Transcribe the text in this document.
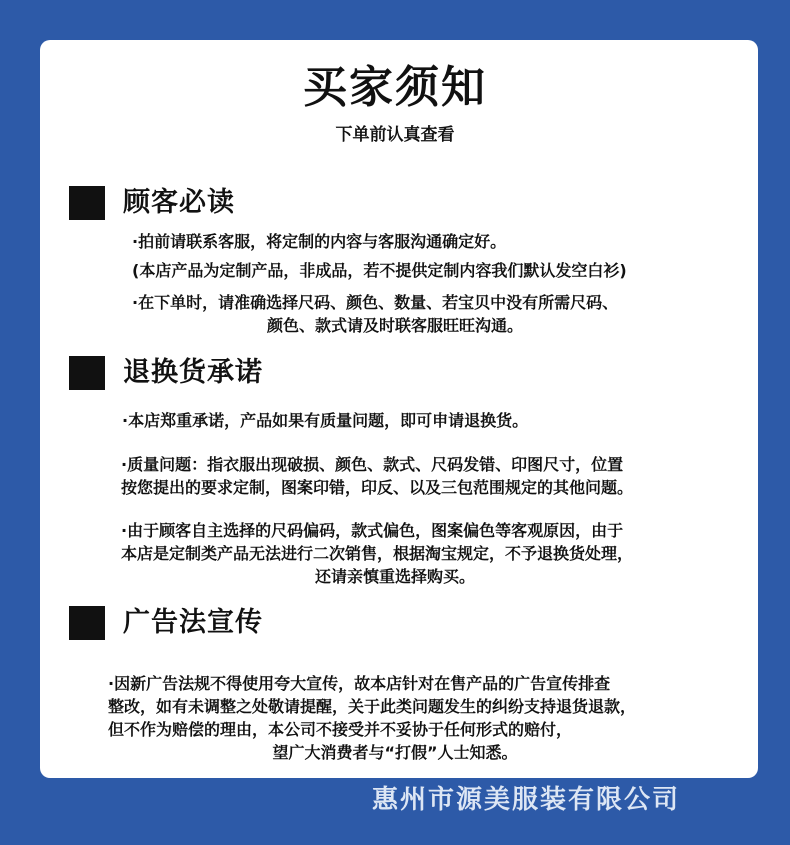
买家须知
下单前认真查看
顾客必读
·拍前请联系客服，将定制的内容与客服沟通确定好。
(本店产品为定制产品，非成品，若不提供定制内容我们默认发空白衫)
·在下单时，请准确选择尺码、颜色、数量、若宝贝中没有所需尺码、
颜色、款式请及时联客服旺旺沟通。
退换货承诺
·本店郑重承诺，产品如果有质量问题，即可申请退换货。
·质量问题：指衣服出现破损、颜色、款式、尺码发错、印图尺寸，位置
按您提出的要求定制，图案印错，印反、以及三包范围规定的其他问题。
·由于顾客自主选择的尺码偏码，款式偏色，图案偏色等客观原因，由于
本店是定制类产品无法进行二次销售，根据淘宝规定，不予退换货处理，
还请亲慎重选择购买。
广告法宣传
·因新广告法规不得使用夸大宣传，故本店针对在售产品的广告宣传排查
整改，如有未调整之处敬请提醒，关于此类问题发生的纠纷支持退货退款，
但不作为赔偿的理由，本公司不接受并不妥协于任何形式的赔付，
望广大消费者与“打假”人士知悉。
惠州市源美服装有限公司
